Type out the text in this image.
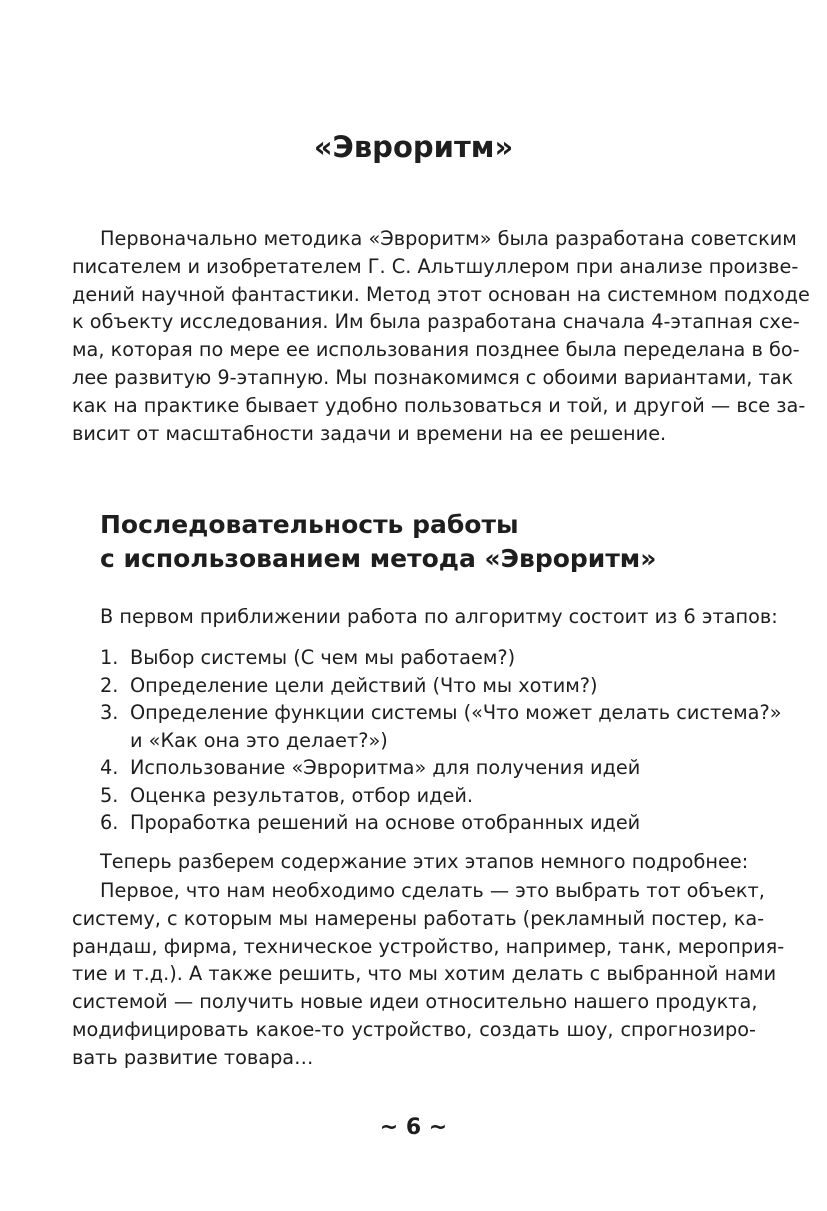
«Эвроритм»

Первоначально методика «Эвроритм» была разработана советским
писателем и изобретателем Г. С. Альтшуллером при анализе произве-
дений научной фантастики. Метод этот основан на системном подходе
к объекту исследования. Им была разработана сначала 4-этапная схе-
ма, которая по мере ее использования позднее была переделана в бо-
лее развитую 9-этапную. Мы познакомимся с обоими вариантами, так
как на практике бывает удобно пользоваться и той, и другой — все за-
висит от масштабности задачи и времени на ее решение.

Последовательность работы
с использованием метода «Эвроритм»

В первом приближении работа по алгоритму состоит из 6 этапов:

1. Выбор системы (С чем мы работаем?)
2. Определение цели действий (Что мы хотим?)
3. Определение функции системы («Что может делать система?»
и «Как она это делает?»)
4. Использование «Эвроритма» для получения идей
5. Оценка результатов, отбор идей.
6. Проработка решений на основе отобранных идей

Теперь разберем содержание этих этапов немного подробнее:

Первое, что нам необходимо сделать — это выбрать тот объект,
систему, с которым мы намерены работать (рекламный постер, ка-
рандаш, фирма, техническое устройство, например, танк, мероприя-
тие и т.д.). А также решить, что мы хотим делать с выбранной нами
системой — получить новые идеи относительно нашего продукта,
модифицировать какое-то устройство, создать шоу, спрогнозиро-
вать развитие товара…

~ 6 ~
